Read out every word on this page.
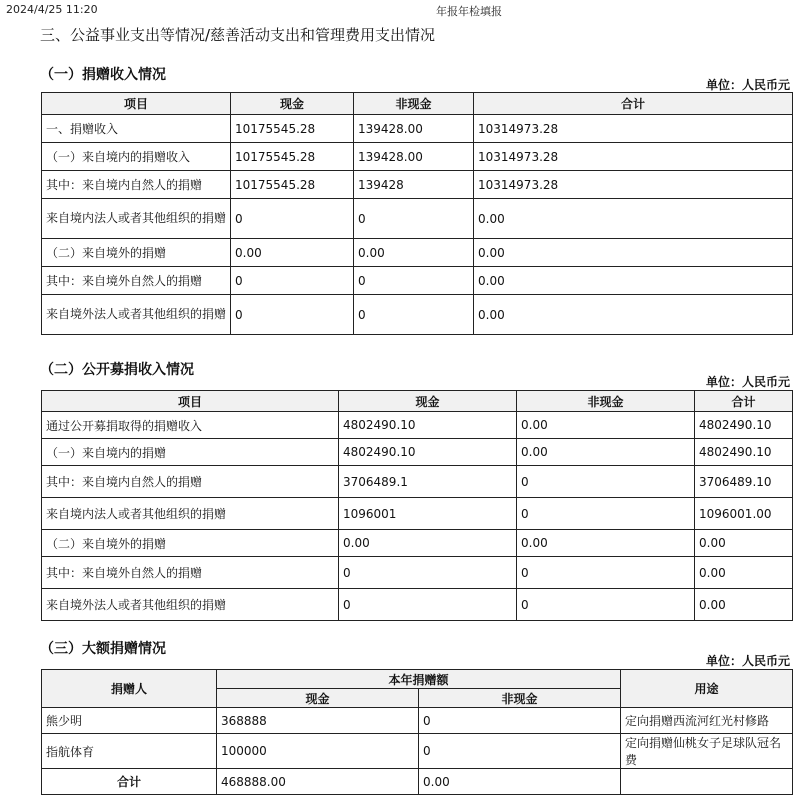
2024/4/25 11:20	年报年检填报
三、公益事业支出等情况/慈善活动支出和管理费用支出情况
（一）捐赠收入情况
单位：人民币元
项目	现金	非现金	合计
一、捐赠收入	10175545.28	139428.00	10314973.28
（一）来自境内的捐赠收入	10175545.28	139428.00	10314973.28
其中：来自境内自然人的捐赠	10175545.28	139428	10314973.28
来自境内法人或者其他组织的捐赠	0	0	0.00
（二）来自境外的捐赠	0.00	0.00	0.00
其中：来自境外自然人的捐赠	0	0	0.00
来自境外法人或者其他组织的捐赠	0	0	0.00
（二）公开募捐收入情况
单位：人民币元
项目	现金	非现金	合计
通过公开募捐取得的捐赠收入	4802490.10	0.00	4802490.10
（一）来自境内的捐赠	4802490.10	0.00	4802490.10
其中：来自境内自然人的捐赠	3706489.1	0	3706489.10
来自境内法人或者其他组织的捐赠	1096001	0	1096001.00
（二）来自境外的捐赠	0.00	0.00	0.00
其中：来自境外自然人的捐赠	0	0	0.00
来自境外法人或者其他组织的捐赠	0	0	0.00
（三）大额捐赠情况
单位：人民币元
捐赠人	本年捐赠额		用途
	现金	非现金	
熊少明	368888	0	定向捐赠西流河红光村修路
指航体育	100000	0	定向捐赠仙桃女子足球队冠名费
合计	468888.00	0.00	
